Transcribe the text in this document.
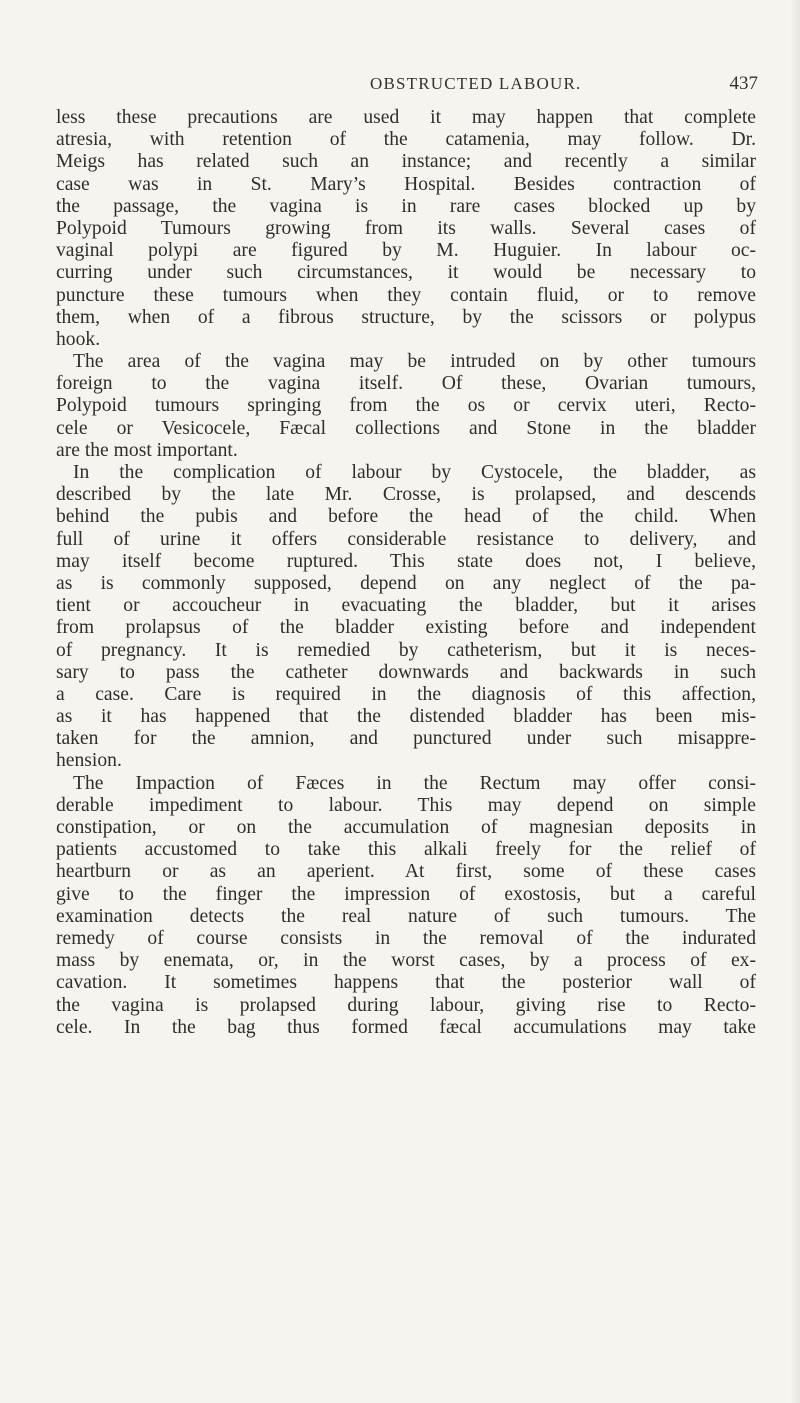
OBSTRUCTED LABOUR.	437
less these precautions are used it may happen that complete
atresia, with retention of the catamenia, may follow. Dr.
Meigs has related such an instance; and recently a similar
case was in St. Mary’s Hospital. Besides contraction of
the passage, the vagina is in rare cases blocked up by
Polypoid Tumours growing from its walls. Several cases of
vaginal polypi are figured by M. Huguier. In labour oc-
curring under such circumstances, it would be necessary to
puncture these tumours when they contain fluid, or to remove
them, when of a fibrous structure, by the scissors or polypus
hook.
The area of the vagina may be intruded on by other tumours
foreign to the vagina itself. Of these, Ovarian tumours,
Polypoid tumours springing from the os or cervix uteri, Recto-
cele or Vesicocele, Fæcal collections and Stone in the bladder
are the most important.
In the complication of labour by Cystocele, the bladder, as
described by the late Mr. Crosse, is prolapsed, and descends
behind the pubis and before the head of the child. When
full of urine it offers considerable resistance to delivery, and
may itself become ruptured. This state does not, I believe,
as is commonly supposed, depend on any neglect of the pa-
tient or accoucheur in evacuating the bladder, but it arises
from prolapsus of the bladder existing before and independent
of pregnancy. It is remedied by catheterism, but it is neces-
sary to pass the catheter downwards and backwards in such
a case. Care is required in the diagnosis of this affection,
as it has happened that the distended bladder has been mis-
taken for the amnion, and punctured under such misappre-
hension.
The Impaction of Fæces in the Rectum may offer consi-
derable impediment to labour. This may depend on simple
constipation, or on the accumulation of magnesian deposits in
patients accustomed to take this alkali freely for the relief of
heartburn or as an aperient. At first, some of these cases
give to the finger the impression of exostosis, but a careful
examination detects the real nature of such tumours. The
remedy of course consists in the removal of the indurated
mass by enemata, or, in the worst cases, by a process of ex-
cavation. It sometimes happens that the posterior wall of
the vagina is prolapsed during labour, giving rise to Recto-
cele. In the bag thus formed fæcal accumulations may take
